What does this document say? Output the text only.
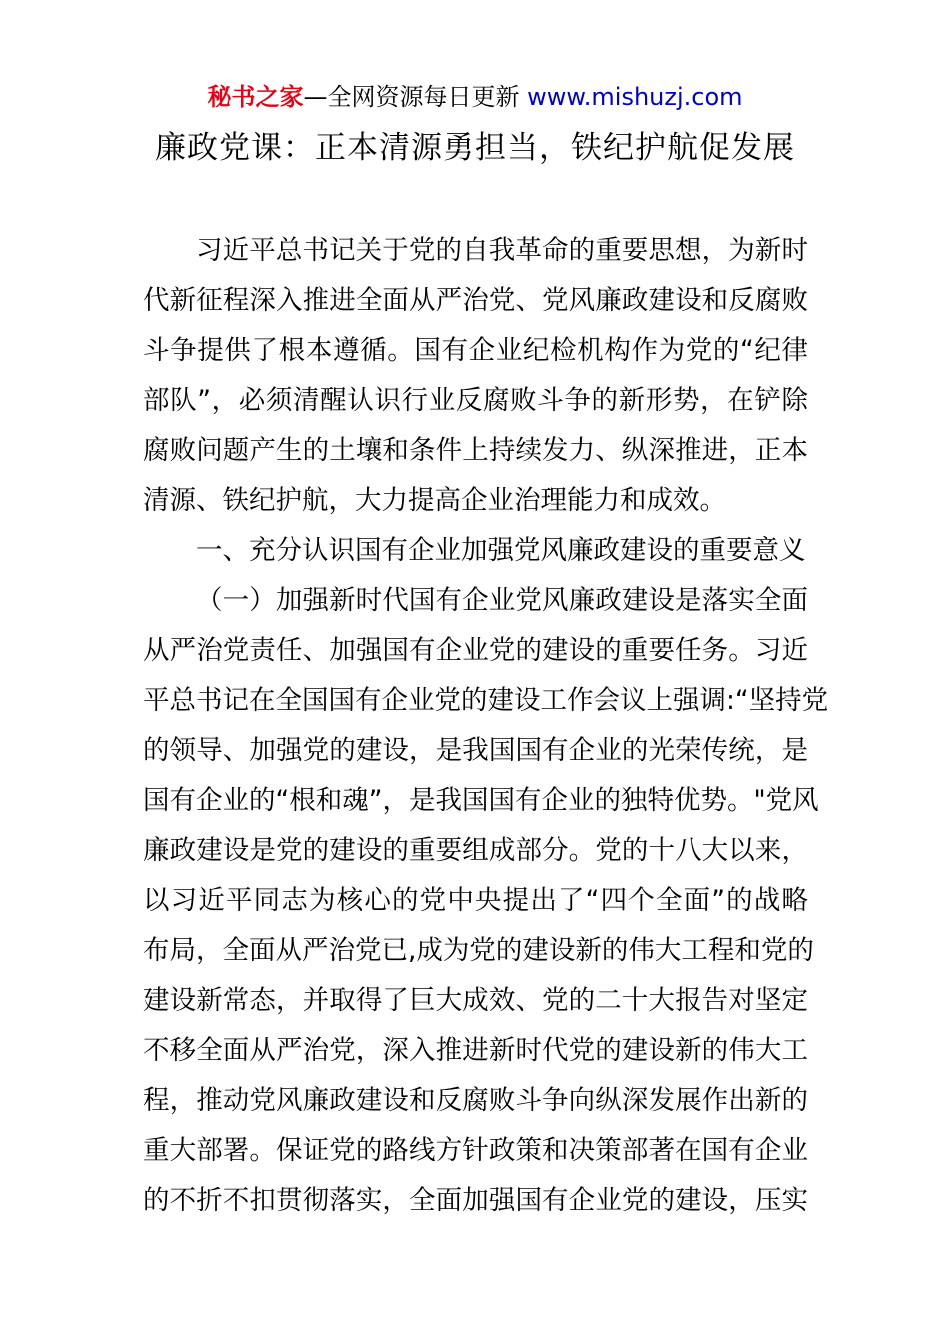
秘书之家—全网资源每日更新 www.mishuzj.com
廉政党课：正本清源勇担当，铁纪护航促发展
习近平总书记关于党的自我革命的重要思想，为新时
代新征程深入推进全面从严治党、党风廉政建设和反腐败
斗争提供了根本遵循。国有企业纪检机构作为党的“纪律
部队”，必须清醒认识行业反腐败斗争的新形势，在铲除
腐败问题产生的土壤和条件上持续发力、纵深推进，正本
清源、铁纪护航，大力提高企业治理能力和成效。
一、充分认识国有企业加强党风廉政建设的重要意义
（一）加强新时代国有企业党风廉政建设是落实全面
从严治党责任、加强国有企业党的建设的重要任务。习近
平总书记在全国国有企业党的建设工作会议上强调:“坚持党
的领导、加强党的建设，是我国国有企业的光荣传统，是
国有企业的“根和魂”，是我国国有企业的独特优势。"党风
廉政建设是党的建设的重要组成部分。党的十八大以来，
以习近平同志为核心的党中央提出了“四个全面”的战略
布局，全面从严治党已,成为党的建设新的伟大工程和党的
建设新常态，并取得了巨大成效、党的二十大报告对坚定
不移全面从严治党，深入推进新时代党的建设新的伟大工
程，推动党风廉政建设和反腐败斗争向纵深发展作出新的
重大部署。保证党的路线方针政策和决策部著在国有企业
的不折不扣贯彻落实，全面加强国有企业党的建设，压实
